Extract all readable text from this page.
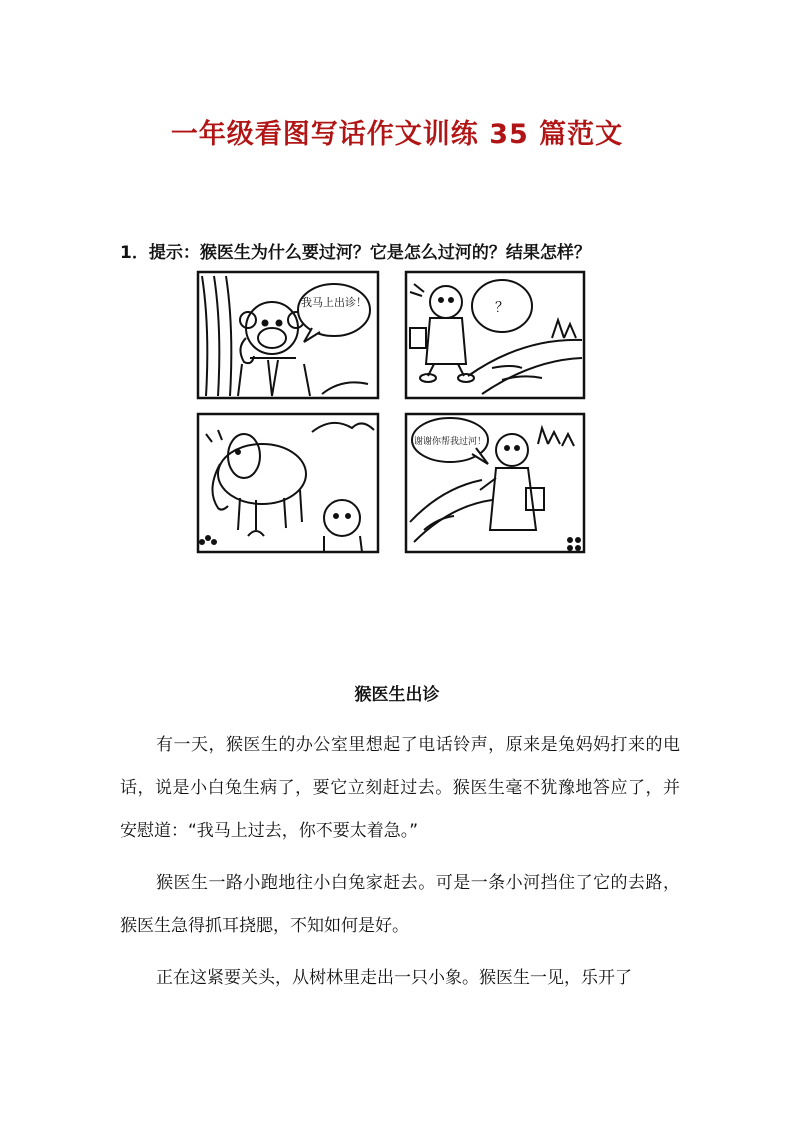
一年级看图写话作文训练 35 篇范文
1．提示：猴医生为什么要过河？它是怎么过河的？结果怎样？
我马上出诊！	？
谢谢你帮我过河！
猴医生出诊

有一天，猴医生的办公室里想起了电话铃声，原来是兔妈妈打来的电话，说是小白兔生病了，要它立刻赶过去。猴医生毫不犹豫地答应了，并安慰道：“我马上过去，你不要太着急。”

猴医生一路小跑地往小白兔家赶去。可是一条小河挡住了它的去路，猴医生急得抓耳挠腮，不知如何是好。

正在这紧要关头，从树林里走出一只小象。猴医生一见，乐开了
